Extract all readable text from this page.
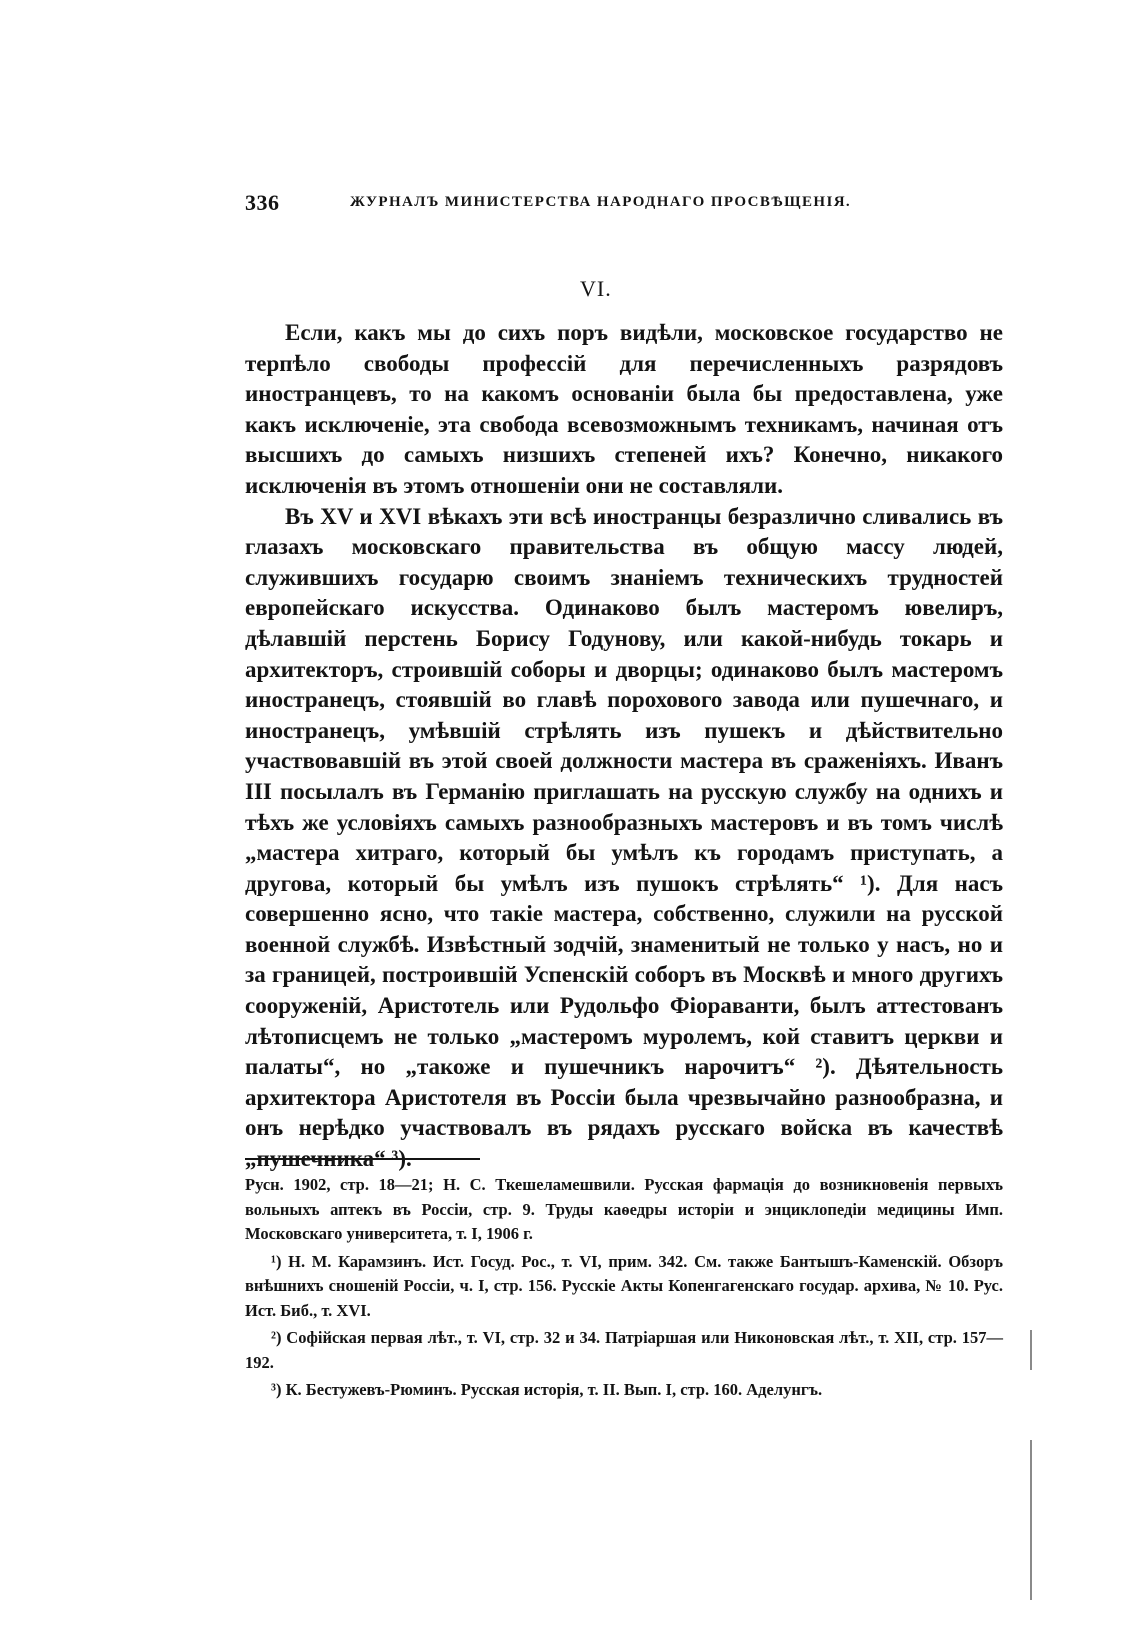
336	ЖУРНАЛЪ МИНИСТЕРСТВА НАРОДНАГО ПРОСВѢЩЕНІЯ.
VI.

Если, какъ мы до сихъ поръ видѣли, московское государство не терпѣло свободы профессій для перечисленныхъ разрядовъ иностранцевъ, то на какомъ основаніи была бы предоставлена, уже какъ исключеніе, эта свобода всевозможнымъ техникамъ, начиная отъ высшихъ до самыхъ низшихъ степеней ихъ? Конечно, никакого исключенія въ этомъ отношеніи они не составляли.

Въ XV и XVI вѣкахъ эти всѣ иностранцы безразлично сливались въ глазахъ московскаго правительства въ общую массу людей, служившихъ государю своимъ знаніемъ техническихъ трудностей европейскаго искусства. Одинаково былъ мастеромъ ювелиръ, дѣлавшій перстень Борису Годунову, или какой-нибудь токарь и архитекторъ, строившій соборы и дворцы; одинаково былъ мастеромъ иностранецъ, стоявшій во главѣ порохового завода или пушечнаго, и иностранецъ, умѣвшій стрѣлять изъ пушекъ и дѣйствительно участвовавшій въ этой своей должности мастера въ сраженіяхъ. Иванъ III посылалъ въ Германію приглашать на русскую службу на однихъ и тѣхъ же условіяхъ самыхъ разнообразныхъ мастеровъ и въ томъ числѣ „мастера хитраго, который бы умѣлъ къ городамъ приступать, а другова, который бы умѣлъ изъ пушокъ стрѣлять“ ¹). Для насъ совершенно ясно, что такіе мастера, собственно, служили на русской военной службѣ. Извѣстный зодчій, знаменитый не только у насъ, но и за границей, построившій Успенскій соборъ въ Москвѣ и много другихъ сооруженій, Аристотель или Рудольфо Фіораванти, былъ аттестованъ лѣтописцемъ не только „мастеромъ муролемъ, кой ставитъ церкви и палаты“, но „такоже и пушечникъ нарочитъ“ ²). Дѣятельность архитектора Аристотеля въ Россіи была чрезвычайно разнообразна, и онъ нерѣдко участвовалъ въ рядахъ русскаго войска въ качествѣ „пушечника“ ³).

Русн. 1902, стр. 18—21; Н. С. Ткешеламешвили. Русская фармація до возникновенія первыхъ вольныхъ аптекъ въ Россіи, стр. 9. Труды каѳедры исторіи и энциклопедіи медицины Имп. Московскаго университета, т. I, 1906 г.

¹) Н. М. Карамзинъ. Ист. Госуд. Рос., т. VI, прим. 342. См. также Бантышъ-Каменскій. Обзоръ внѣшнихъ сношеній Россіи, ч. I, стр. 156. Русскіе Акты Копенгагенскаго государ. архива, № 10. Рус. Ист. Биб., т. XVI.

²) Софійская первая лѣт., т. VI, стр. 32 и 34. Патріаршая или Никоновская лѣт., т. XII, стр. 157—192.

³) К. Бестужевъ-Рюминъ. Русская исторія, т. II. Вып. I, стр. 160. Аделунгъ.
